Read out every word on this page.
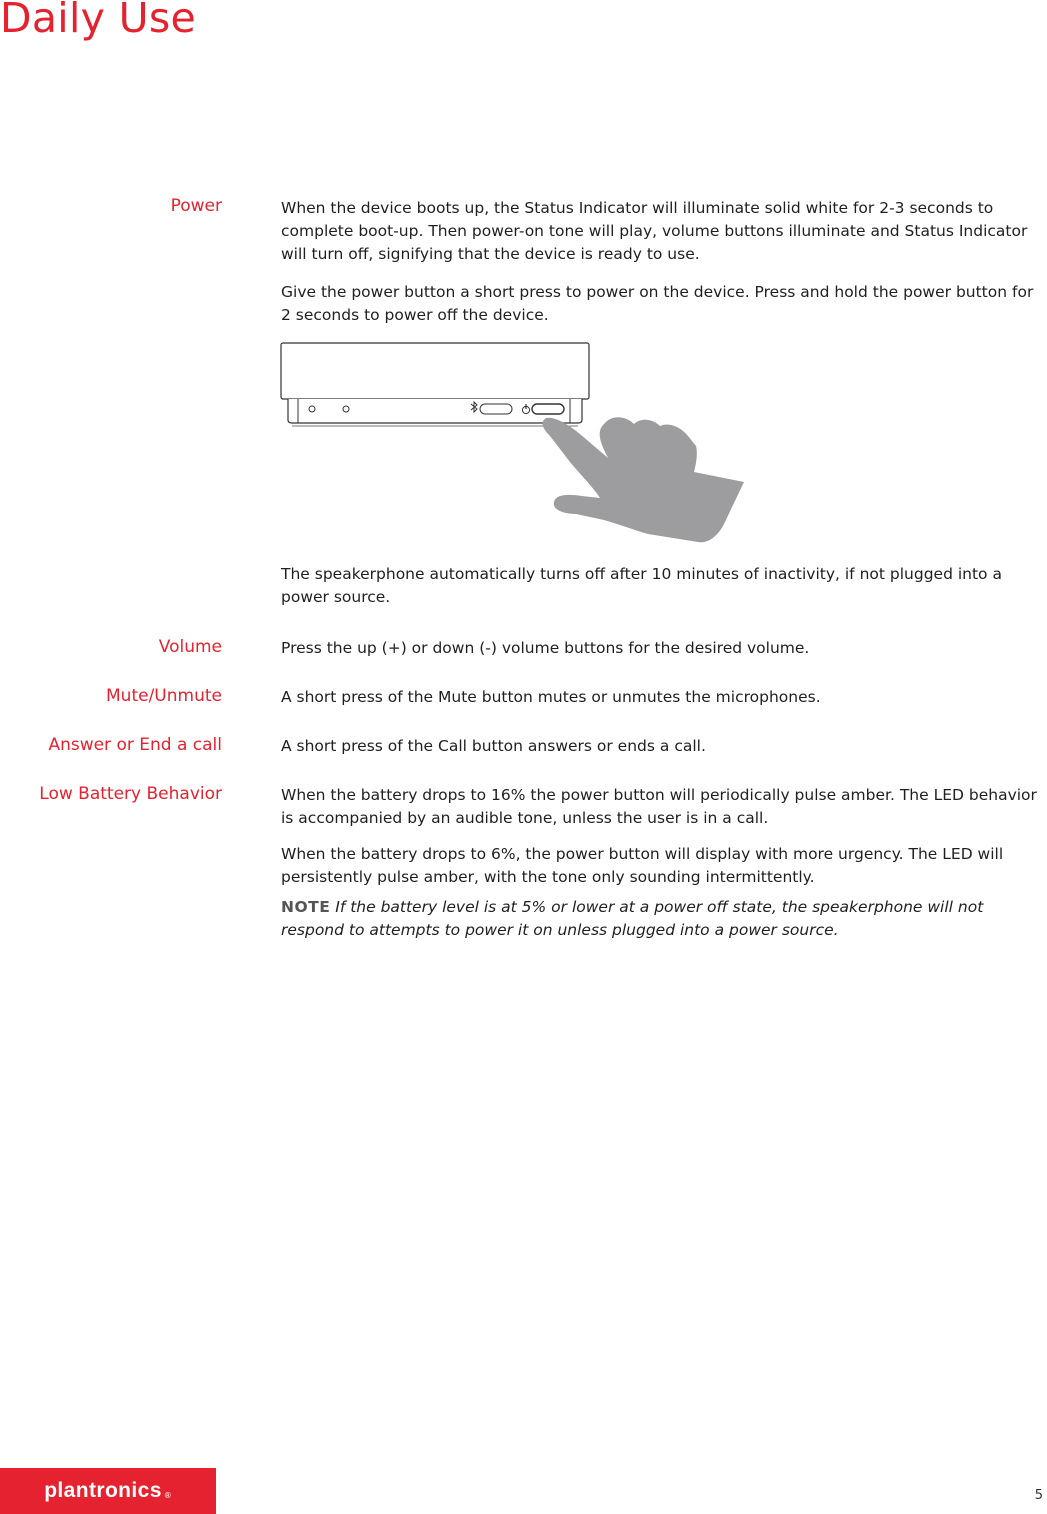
Daily Use
Power	When the device boots up, the Status Indicator will illuminate solid white for 2-3 seconds to complete boot-up. Then power-on tone will play, volume buttons illuminate and Status Indicator will turn off, signifying that the device is ready to use.

Give the power button a short press to power on the device. Press and hold the power button for 2 seconds to power off the device.

The speakerphone automatically turns off after 10 minutes of inactivity, if not plugged into a power source.

Volume	Press the up (+) or down (-) volume buttons for the desired volume.

Mute/Unmute	A short press of the Mute button mutes or unmutes the microphones.

Answer or End a call	A short press of the Call button answers or ends a call.

Low Battery Behavior	When the battery drops to 16% the power button will periodically pulse amber. The LED behavior is accompanied by an audible tone, unless the user is in a call.

When the battery drops to 6%, the power button will display with more urgency. The LED will persistently pulse amber, with the tone only sounding intermittently.

NOTE If the battery level is at 5% or lower at a power off state, the speakerphone will not respond to attempts to power it on unless plugged into a power source.

plantronics ®	5
